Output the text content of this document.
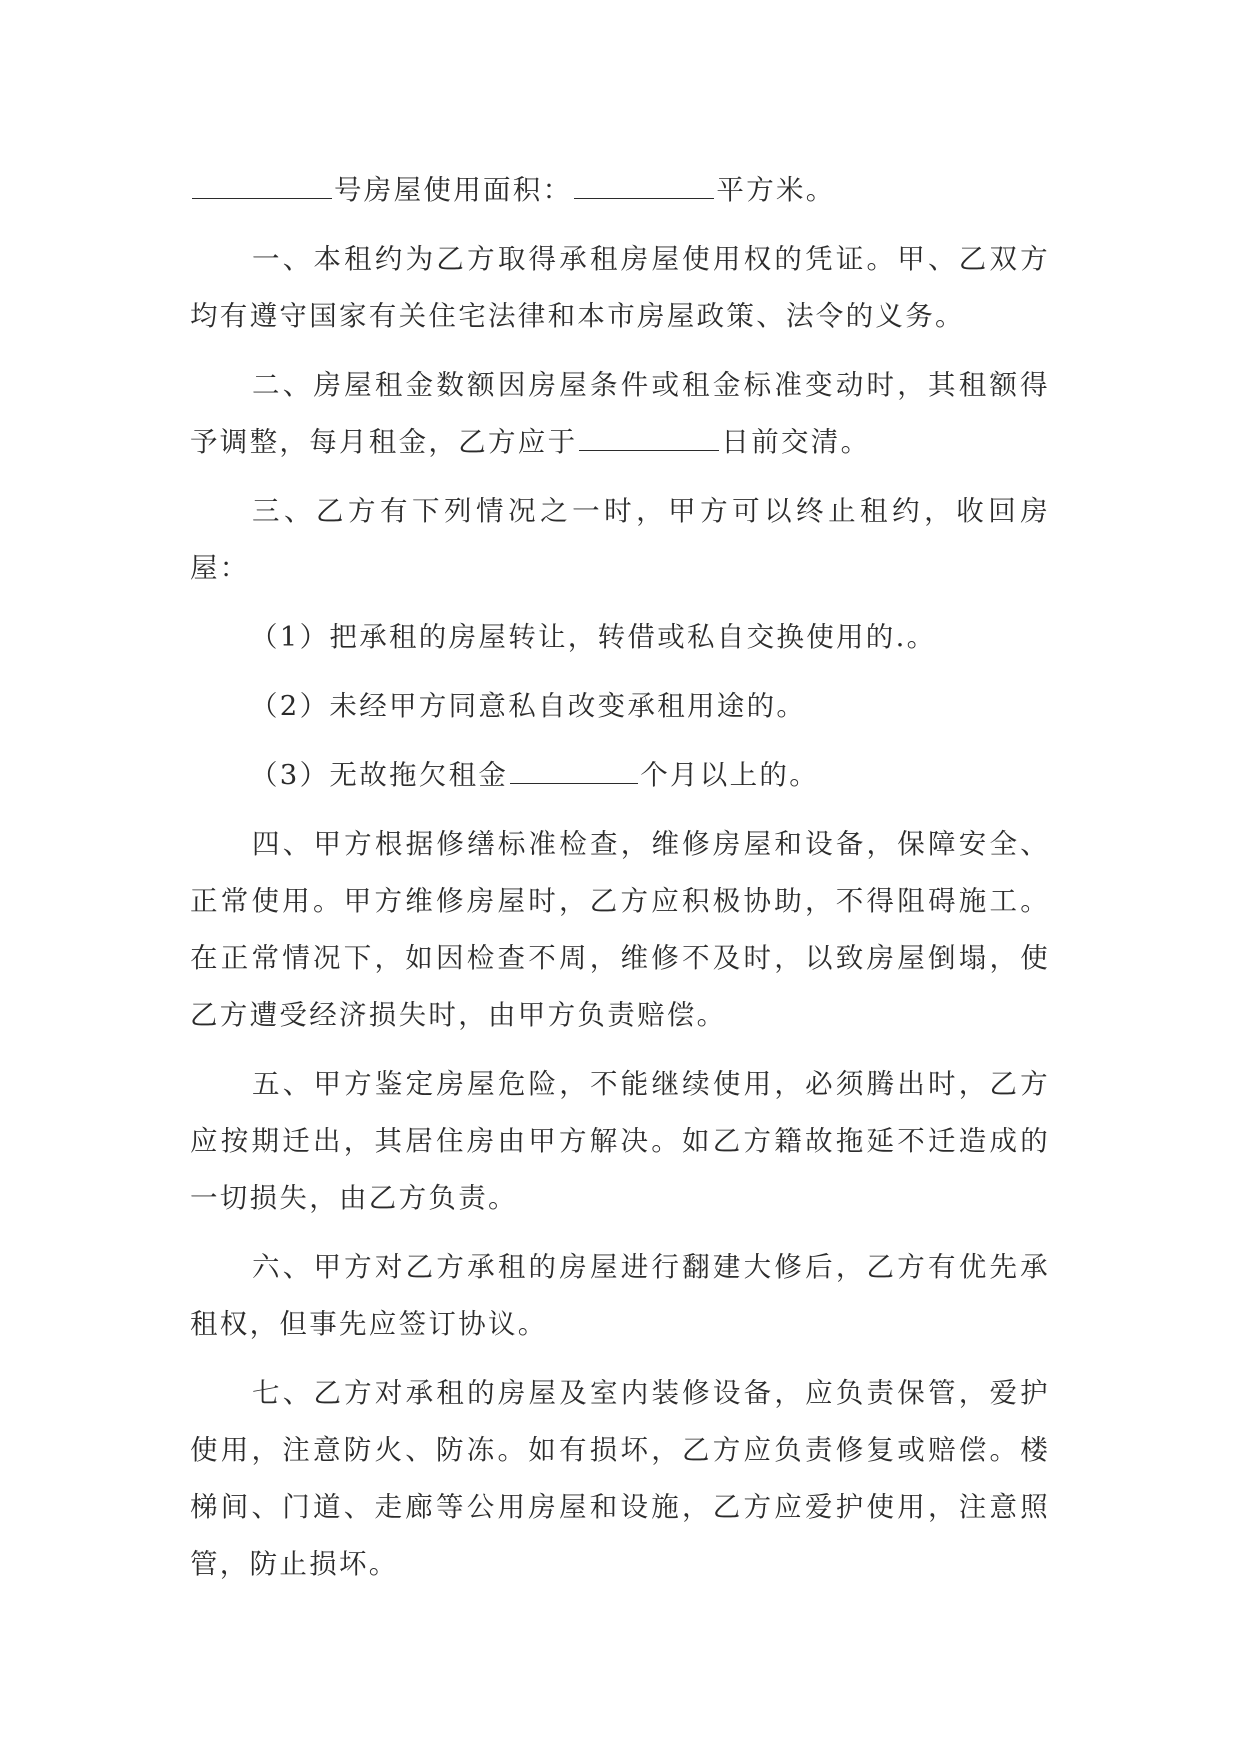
号房屋使用面积：	平方米。

一、本租约为乙方取得承租房屋使用权的凭证。甲、乙双方均有遵守国家有关住宅法律和本市房屋政策、法令的义务。

二、房屋租金数额因房屋条件或租金标准变动时，其租额得予调整，每月租金，乙方应于	日前交清。

三、乙方有下列情况之一时，甲方可以终止租约，收回房屋：

（1）把承租的房屋转让，转借或私自交换使用的.。

（2）未经甲方同意私自改变承租用途的。

（3）无故拖欠租金	个月以上的。

四、甲方根据修缮标准检查，维修房屋和设备，保障安全、正常使用。甲方维修房屋时，乙方应积极协助，不得阻碍施工。在正常情况下，如因检查不周，维修不及时，以致房屋倒塌，使乙方遭受经济损失时，由甲方负责赔偿。

五、甲方鉴定房屋危险，不能继续使用，必须腾出时，乙方应按期迁出，其居住房由甲方解决。如乙方籍故拖延不迁造成的一切损失，由乙方负责。

六、甲方对乙方承租的房屋进行翻建大修后，乙方有优先承租权，但事先应签订协议。

七、乙方对承租的房屋及室内装修设备，应负责保管，爱护使用，注意防火、防冻。如有损坏，乙方应负责修复或赔偿。楼梯间、门道、走廊等公用房屋和设施，乙方应爱护使用，注意照管，防止损坏。
